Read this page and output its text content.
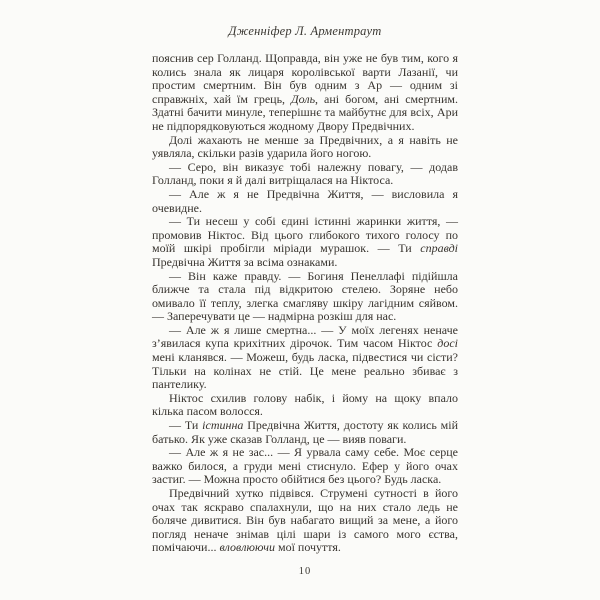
Дженніфер Л. Арментраут

пояснив сер Голланд. Щоправда, він уже не був тим, кого я колись знала як лицаря королівської варти Лазанії, чи простим смертним. Він був одним з Ар — одним зі справжніх, хай їм грець, Доль, ані богом, ані смертним. Здатні бачити минуле, теперішнє та майбутнє для всіх, Ари не підпорядковуються жодному Двору Предвічних.

Долі жахають не менше за Предвічних, а я навіть не уявляла, скільки разів ударила його ногою.

— Серо, він виказує тобі належну повагу, — додав Голланд, поки я й далі витріщалася на Ніктоса.

— Але ж я не Предвічна Життя, — висловила я очевидне.

— Ти несеш у собі єдині істинні жаринки життя, — промовив Ніктос. Від цього глибокого тихого голосу по моїй шкірі пробігли міріади мурашок. — Ти справді Предвічна Життя за всіма ознаками.

— Він каже правду. — Богиня Пенеллафі підійшла ближче та стала під відкритою стелею. Зоряне небо омивало її теплу, злегка смагляву шкіру лагідним сяйвом. — Заперечувати це — надмірна розкіш для нас.

— Але ж я лише смертна... — У моїх легенях неначе з’явилася купа крихітних дірочок. Тим часом Ніктос досі мені кланявся. — Можеш, будь ласка, підвестися чи сісти? Тільки на колінах не стій. Це мене реально збиває з пантелику.

Ніктос схилив голову набік, і йому на щоку впало кілька пасом волосся.

— Ти істинна Предвічна Життя, достоту як колись мій батько. Як уже сказав Голланд, це — вияв поваги.

— Але ж я не зас... — Я урвала саму себе. Моє серце важко билося, а груди мені стиснуло. Ефер у його очах застиг. — Можна просто обійтися без цього? Будь ласка.

Предвічний хутко підвівся. Струмені сутності в його очах так яскраво спалахнули, що на них стало ледь не боляче дивитися. Він був набагато вищий за мене, а його погляд неначе знімав цілі шари із самого мого єства, помічаючи... вловлюючи мої почуття.

10
